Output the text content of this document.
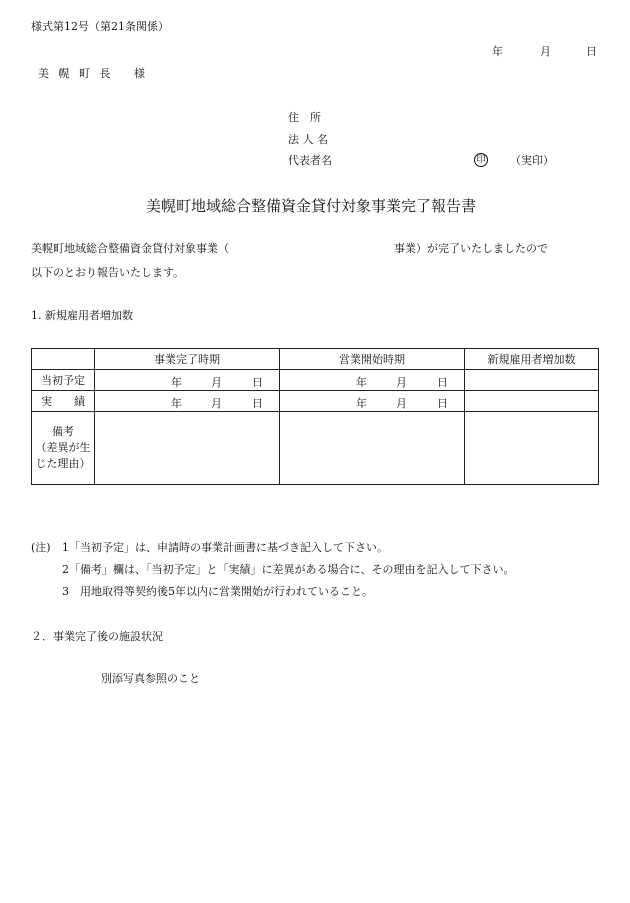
様式第12号（第21条関係）
年	月	日
美 幌 町 長　 様
住　所
法 人 名
代表者名	印 （実印）
美幌町地域総合整備資金貸付対象事業完了報告書
美幌町地域総合整備資金貸付対象事業（	事業）が完了いたしましたので
以下のとおり報告いたします。
1. 新規雇用者増加数
	事業完了時期	営業開始時期	新規雇用者増加数
当初予定	年 月 日	年 月 日	

実　　績	年 月 日	年 月 日	

備考
（差異が生
じた理由）			

(注) 1「当初予定」は、申請時の事業計画書に基づき記入して下さい。
2「備考」欄は、「当初予定」と「実績」に差異がある場合に、その理由を記入して下さい。
3　用地取得等契約後5年以内に営業開始が行われていること。
２．事業完了後の施設状況
別添写真参照のこと
